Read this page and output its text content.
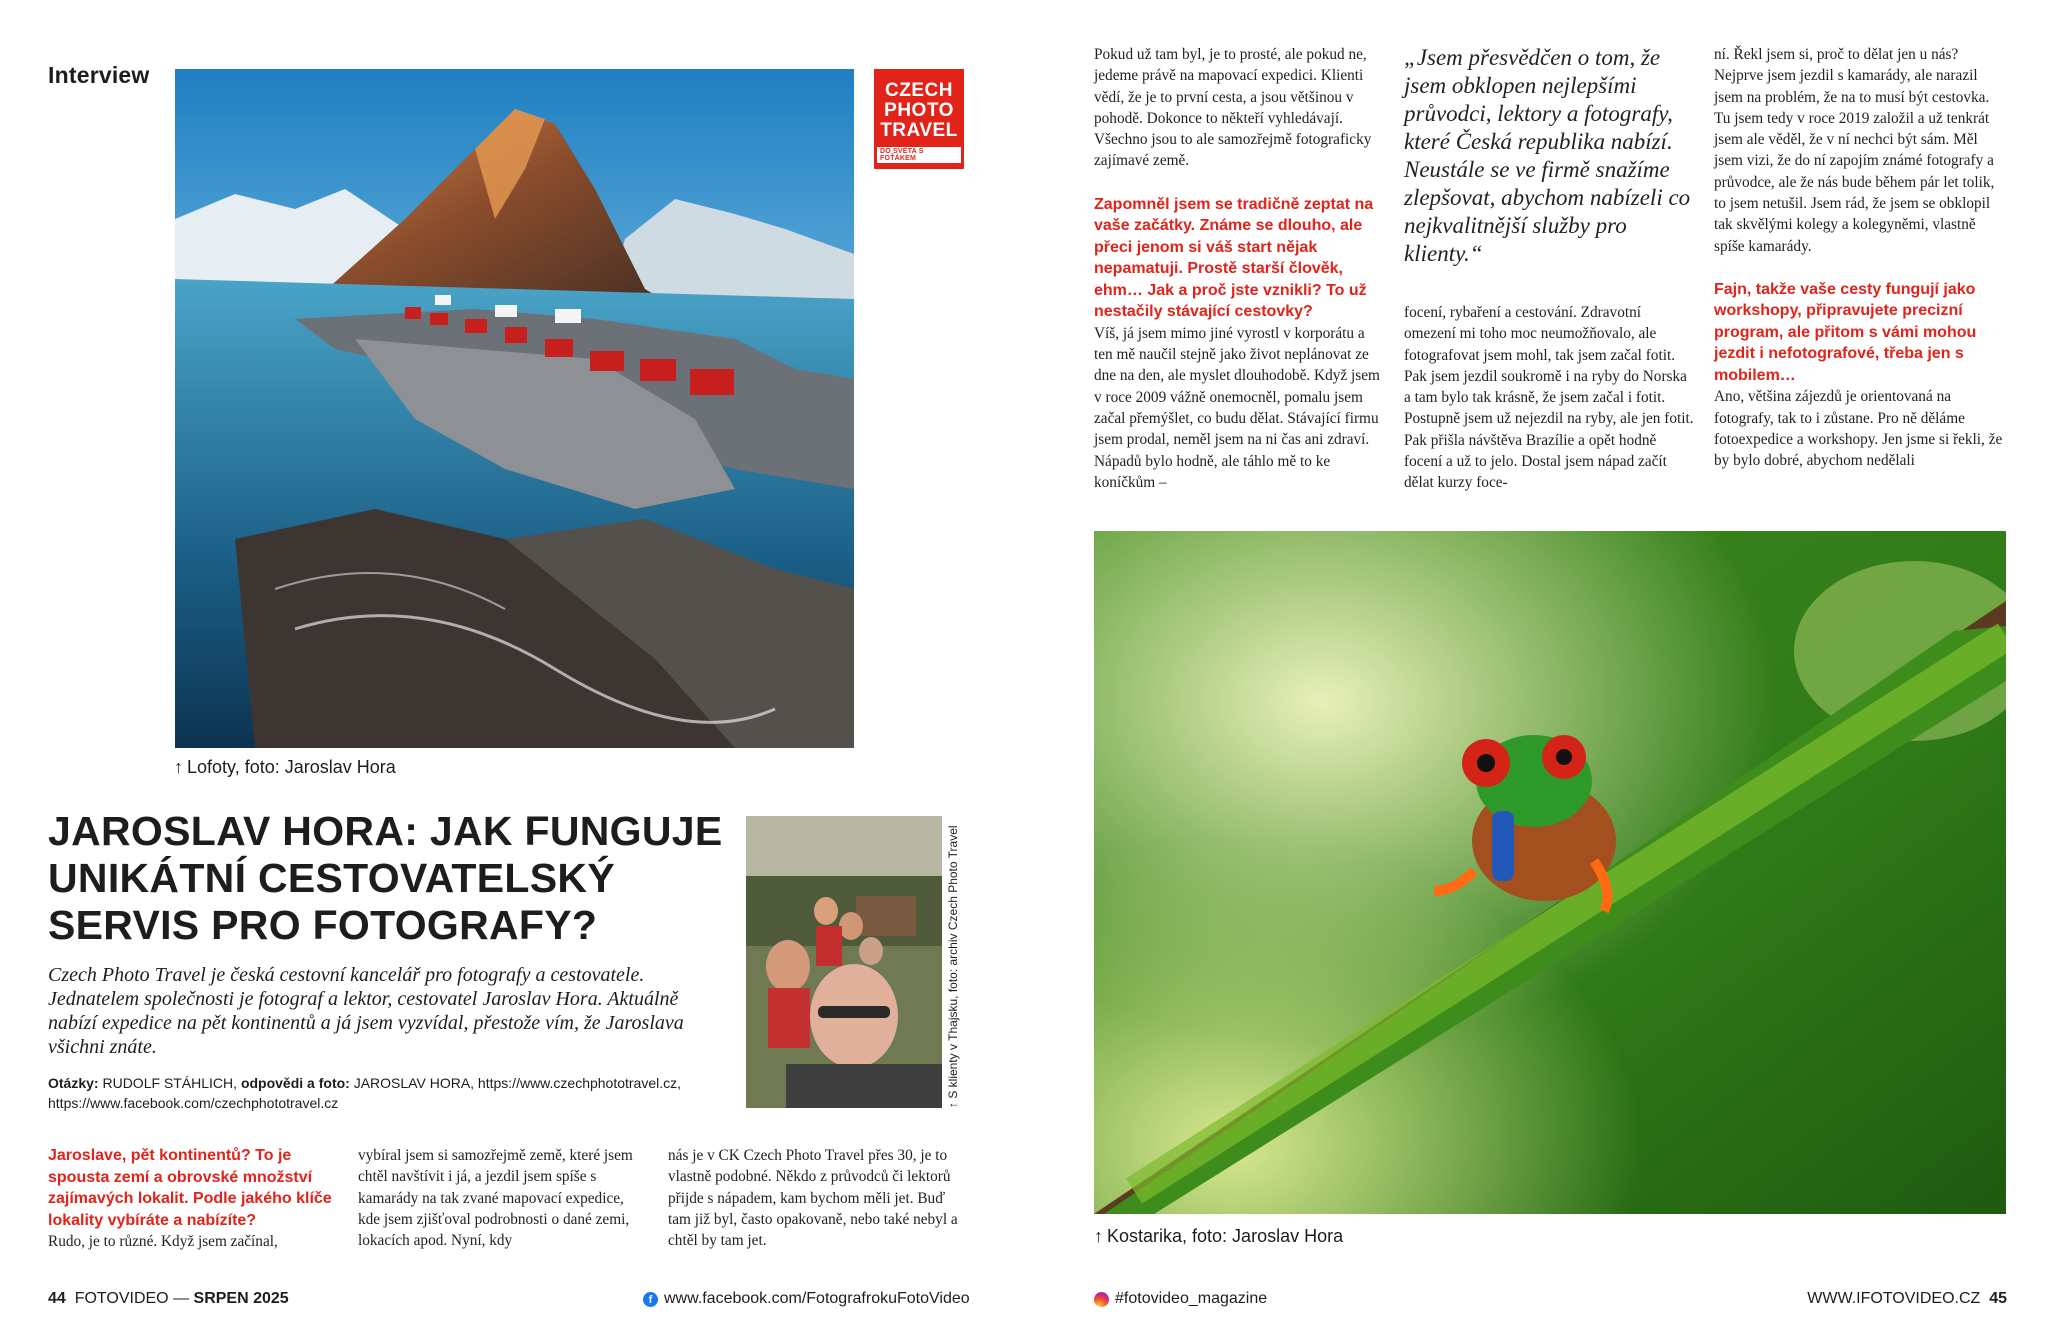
Interview
CZECH
PHOTO
TRAVEL
DO SVĚTA S FOŤÁKEM
↑ Lofoty, foto: Jaroslav Hora
JAROSLAV HORA: JAK FUNGUJE UNIKÁTNÍ CESTOVATELSKÝ SERVIS PRO FOTOGRAFY?	↑ S klienty v Thajsku, foto: archiv Czech Photo Travel
Czech Photo Travel je česká cestovní kancelář pro fotografy a cestovatele. Jednatelem společnosti je fotograf a lektor, cestovatel Jaroslav Hora. Aktuálně nabízí expedice na pět kontinentů a já jsem vyzvídal, přestože vím, že Jaroslava všichni znáte.
Otázky: RUDOLF STÁHLICH, odpovědi a foto: JAROSLAV HORA, https://www.czechphototravel.cz, https://www.facebook.com/czechphototravel.cz

Jaroslave, pět kontinentů? To je spousta zemí a obrovské množství zajímavých lokalit. Podle jakého klíče lokality vybíráte a nabízíte?

Rudo, je to různé. Když jsem začínal,

vybíral jsem si samozřejmě země, které jsem chtěl navštívit i já, a jezdil jsem spíše s kamarády na tak zvané mapovací expedice, kde jsem zjišťoval podrobnosti o dané zemi, lokacích apod. Nyní, kdy

nás je v CK Czech Photo Travel přes 30, je to vlastně podobné. Někdo z průvodců či lektorů přijde s nápadem, kam bychom měli jet. Buď tam již byl, často opakovaně, nebo také nebyl a chtěl by tam jet.

44 FOTOVIDEO — SRPEN 2025	f www.facebook.com/FotografrokuFotoVideo

Pokud už tam byl, je to prosté, ale pokud ne, jedeme právě na mapovací expedici. Klienti vědí, že je to první cesta, a jsou většinou v pohodě. Dokonce to někteří vyhledávají. Všechno jsou to ale samozřejmě fotograficky zajímavé země.

Zapomněl jsem se tradičně zeptat na vaše začátky. Známe se dlouho, ale přeci jenom si váš start nějak nepamatuji. Prostě starší člověk, ehm… Jak a proč jste vznikli? To už nestačily stávající cestovky?

Víš, já jsem mimo jiné vyrostl v korporátu a ten mě naučil stejně jako život neplánovat ze dne na den, ale myslet dlouhodobě. Když jsem v roce 2009 vážně onemocněl, pomalu jsem začal přemýšlet, co budu dělat. Stávající firmu jsem prodal, neměl jsem na ni čas ani zdraví. Nápadů bylo hodně, ale táhlo mě to ke koníčkům –

„Jsem přesvědčen o tom, že jsem obklopen nejlepšími průvodci, lektory a fotografy, které Česká republika nabízí. Neustále se ve firmě snažíme zlepšovat, abychom nabízeli co nejkvalitnější služby pro klienty.“

focení, rybaření a cestování. Zdravotní omezení mi toho moc neumožňovalo, ale fotografovat jsem mohl, tak jsem začal fotit. Pak jsem jezdil soukromě i na ryby do Norska a tam bylo tak krásně, že jsem začal i fotit. Postupně jsem už nejezdil na ryby, ale jen fotit. Pak přišla návštěva Brazílie a opět hodně focení a už to jelo. Dostal jsem nápad začít dělat kurzy foce-

ní. Řekl jsem si, proč to dělat jen u nás? Nejprve jsem jezdil s kamarády, ale narazil jsem na problém, že na to musí být cestovka. Tu jsem tedy v roce 2019 založil a už tenkrát jsem ale věděl, že v ní nechci být sám. Měl jsem vizi, že do ní zapojím známé fotografy a průvodce, ale že nás bude během pár let tolik, to jsem netušil. Jsem rád, že jsem se obklopil tak skvělými kolegy a kolegyněmi, vlastně spíše kamarády.

Fajn, takže vaše cesty fungují jako workshopy, připravujete precizní program, ale přitom s vámi mohou jezdit i nefotografové, třeba jen s mobilem…

Ano, většina zájezdů je orientovaná na fotografy, tak to i zůstane. Pro ně děláme fotoexpedice a workshopy. Jen jsme si řekli, že by bylo dobré, abychom nedělali

↑ Kostarika, foto: Jaroslav Hora
#fotovideo_magazine	WWW.IFOTOVIDEO.CZ 45
